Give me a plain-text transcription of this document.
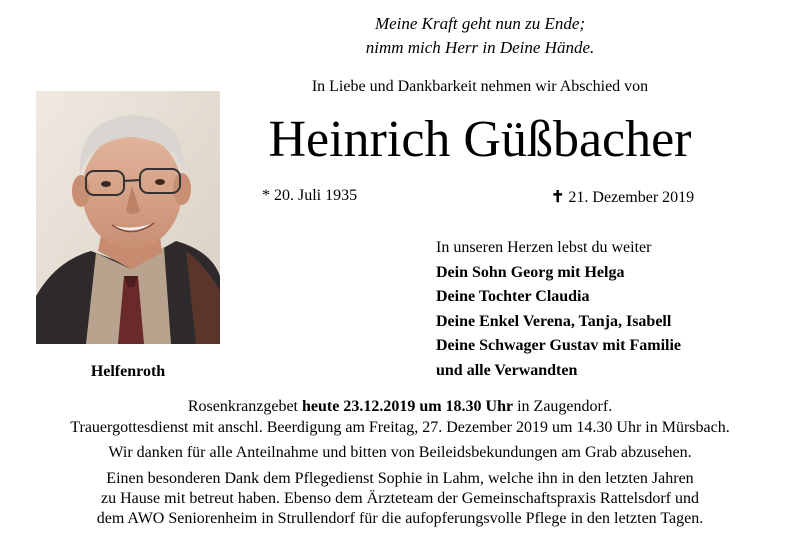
Meine Kraft geht nun zu Ende;
nimm mich Herr in Deine Hände.
In Liebe und Dankbarkeit nehmen wir Abschied von
Heinrich Güßbacher
* 20. Juli 1935	✝ 21. Dezember 2019
Helfenroth
In unseren Herzen lebst du weiter
Dein Sohn Georg mit Helga
Deine Tochter Claudia
Deine Enkel Verena, Tanja, Isabell
Deine Schwager Gustav mit Familie
und alle Verwandten
Rosenkranzgebet heute 23.12.2019 um 18.30 Uhr in Zaugendorf.
Trauergottesdienst mit anschl. Beerdigung am Freitag, 27. Dezember 2019 um 14.30 Uhr in Mürsbach.
Wir danken für alle Anteilnahme und bitten von Beileidsbekundungen am Grab abzusehen.
Einen besonderen Dank dem Pflegedienst Sophie in Lahm, welche ihn in den letzten Jahren
zu Hause mit betreut haben. Ebenso dem Ärzteteam der Gemeinschaftspraxis Rattelsdorf und
dem AWO Seniorenheim in Strullendorf für die aufopferungsvolle Pflege in den letzten Tagen.
